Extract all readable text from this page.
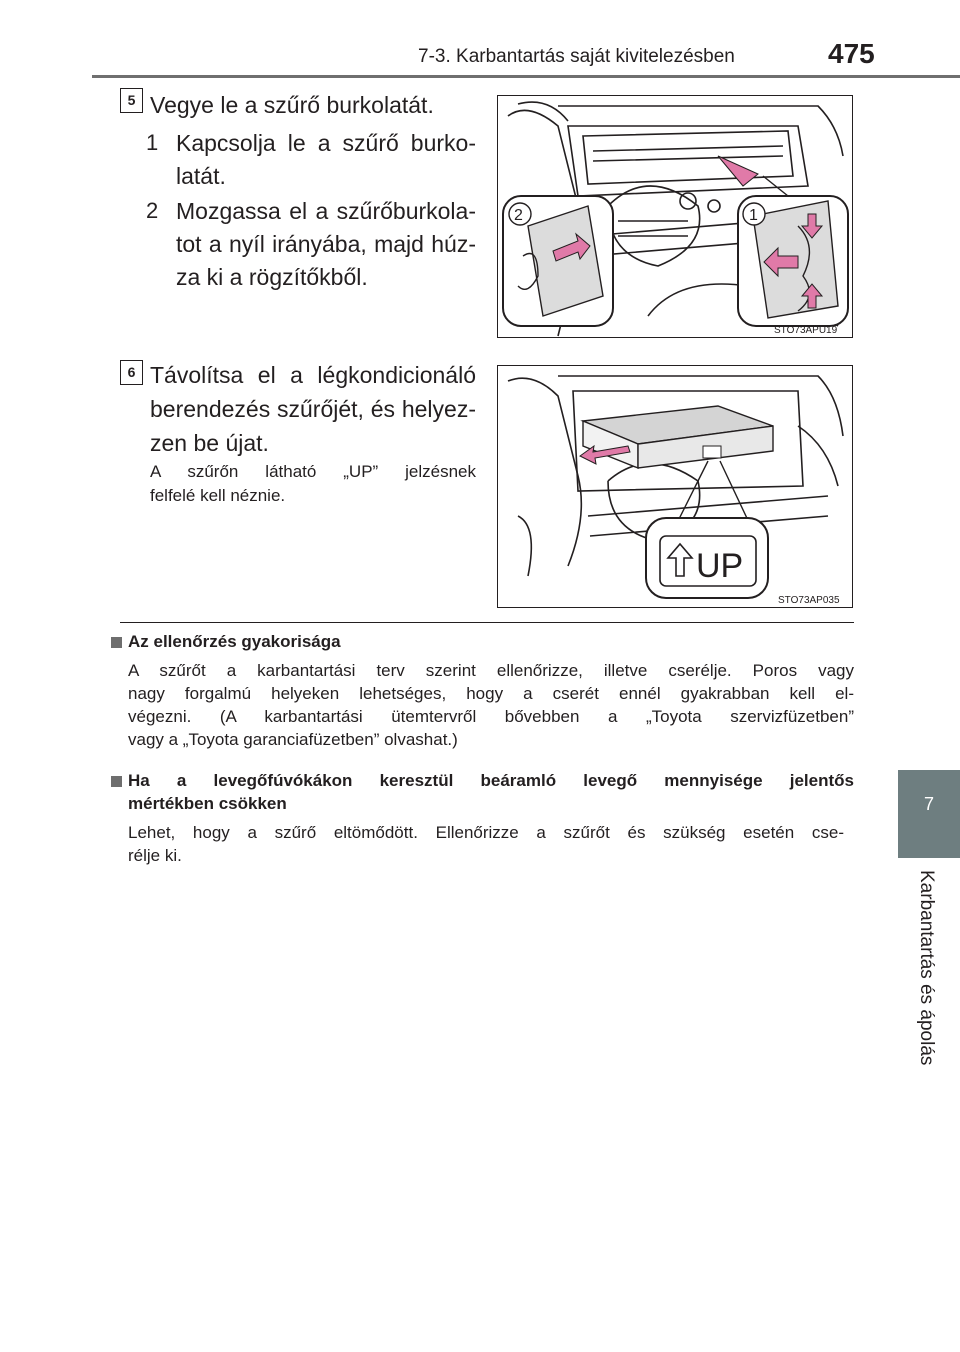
7-3. Karbantartás saját kivitelezésben	475
7
Karbantartás és ápolás
5 Vegye le a szűrő burkolatát.
1 Kapcsolja le a szűrő burko-
latát.
2 Mozgassa el a szűrőburkola-
tot a nyíl irányába, majd húz-
za ki a rögzítőkből.
2	1
STO73APU19
6 Távolítsa el a légkondicionáló
berendezés szűrőjét, és helyez-
zen be újat.
A szűrőn látható „UP” jelzésnek
felfelé kell néznie.
UP
STO73AP035
Az ellenőrzés gyakorisága
A szűrőt a karbantartási terv szerint ellenőrizze, illetve cserélje. Poros vagy
nagy forgalmú helyeken lehetséges, hogy a cserét ennél gyakrabban kell el-
végezni. (A karbantartási ütemtervről bővebben a „Toyota szervizfüzetben”
vagy a „Toyota garanciafüzetben” olvashat.)
Ha a levegőfúvókákon keresztül beáramló levegő mennyisége jelentős
mértékben csökken
Lehet, hogy a szűrő eltömődött. Ellenőrizze a szűrőt és szükség esetén cse-
rélje ki.
